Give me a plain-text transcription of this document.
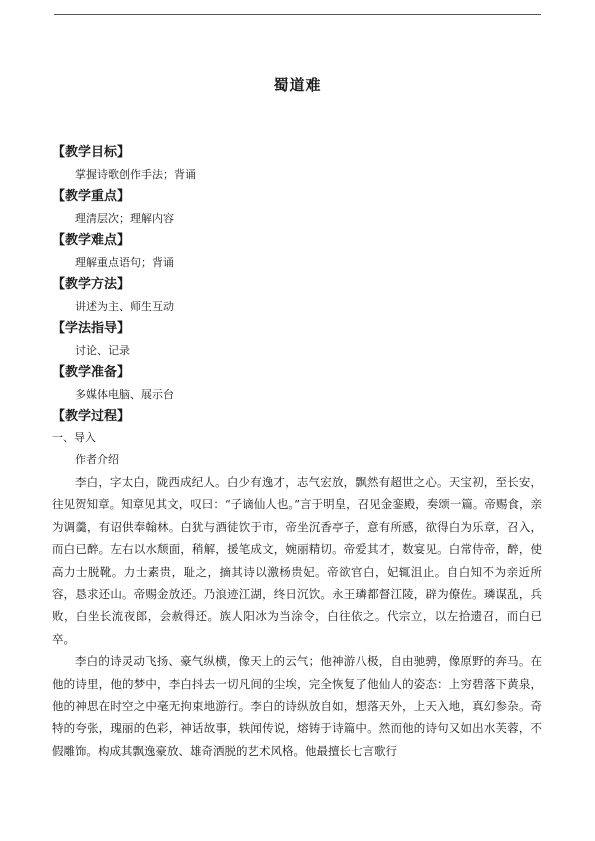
蜀道难
【教学目标】
掌握诗歌创作手法；背诵
【教学重点】
理清层次；理解内容
【教学难点】
理解重点语句；背诵
【教学方法】
讲述为主、师生互动
【学法指导】
讨论、记录
【教学准备】
多媒体电脑、展示台
【教学过程】
一、导入
作者介绍

李白，字太白，陇西成纪人。白少有逸才，志气宏放，飘然有超世之心。天宝初，至长安，往见贺知章。知章见其文，叹曰：“子谪仙人也。”言于明皇，召见金銮殿，奏颂一篇。帝赐食，亲为调羹，有诏供奉翰林。白犹与酒徒饮于市，帝坐沉香亭子，意有所感，欲得白为乐章，召入，而白已醉。左右以水颓面，稍解，援笔成文，婉丽精切。帝爱其才，数宴见。白常侍帝，醉，使高力士脱靴。力士素贵，耻之，摘其诗以激杨贵妃。帝欲官白，妃辄沮止。自白知不为亲近所容，恳求还山。帝赐金放还。乃浪迹江湖，终日沉饮。永王璘都督江陵，辟为僚佐。璘谋乱，兵败，白坐长流夜郎，会赦得还。族人阳冰为当涂令，白往依之。代宗立，以左拾遗召，而白已卒。

李白的诗灵动飞扬、豪气纵横，像天上的云气；他神游八极，自由驰骋，像原野的奔马。在他的诗里，他的梦中，李白抖去一切凡间的尘埃，完全恢复了他仙人的姿态：上穷碧落下黄泉，他的神思在时空之中毫无拘束地游行。李白的诗纵放自如，想落天外，上天入地，真幻参杂。奇特的夸张，瑰丽的色彩，神话故事，轶闻传说，熔铸于诗篇中。然而他的诗句又如出水芙蓉，不假雕饰。构成其飘逸豪放、雄奇洒脱的艺术风格。他最擅长七言歌行
